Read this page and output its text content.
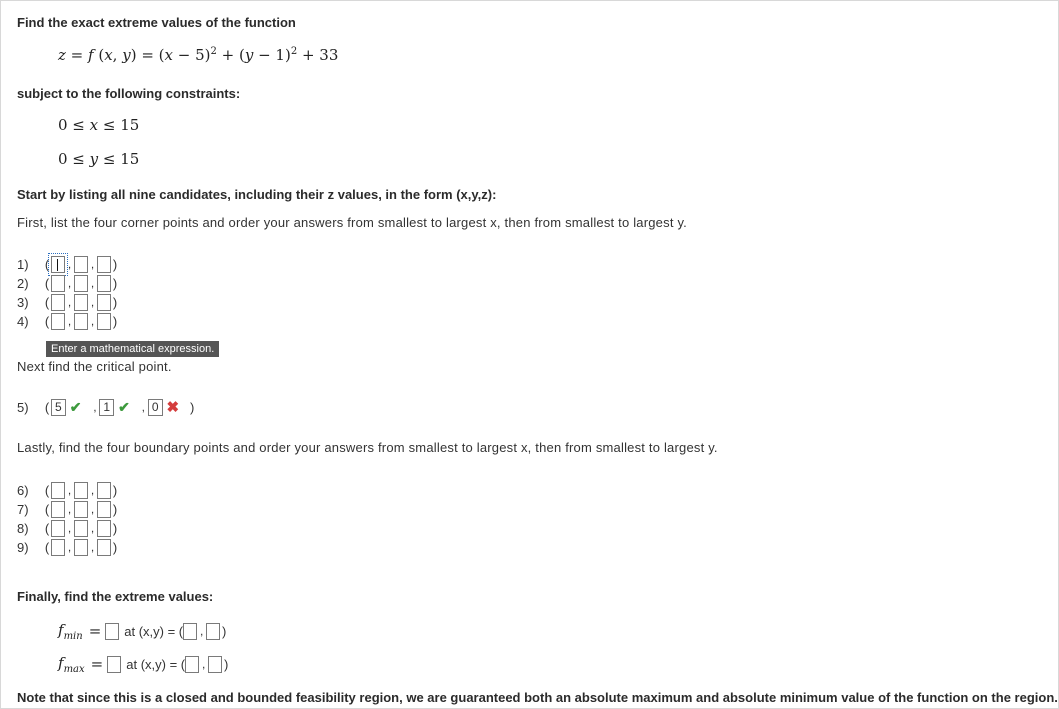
Find the exact extreme values of the function
z = f (x, $y) = (x - 5)^2 + (y - 1)^2 + 33$
subject to the following constraints:
0 ≤ x ≤ 15
0 ≤ y ≤ 15
Start by listing all nine candidates, including their z values, in the form (x,y,z):
First, list the four corner points and order your answers from smallest to largest x, then from smallest to largest y.
1)	( , , )
2)	( , , )
3)	( , , )
4)	( , , )
Enter a mathematical expression.
Next find the critical point.
5)	( 5 ✔ , 1 ✔ , 0 ✖ )
Lastly, find the four boundary points and order your answers from smallest to largest x, then from smallest to largest y.
6)	( , , )
7)	( , , )
8)	( , , )
9)	( , , )
Finally, find the extreme values:
$f_{min}$ = at (x,y) = ( , )
$f_{max}$ = at (x,y) = ( , )
Note that since this is a closed and bounded feasibility region, we are guaranteed both an absolute maximum and absolute minimum value of the function on the region.
